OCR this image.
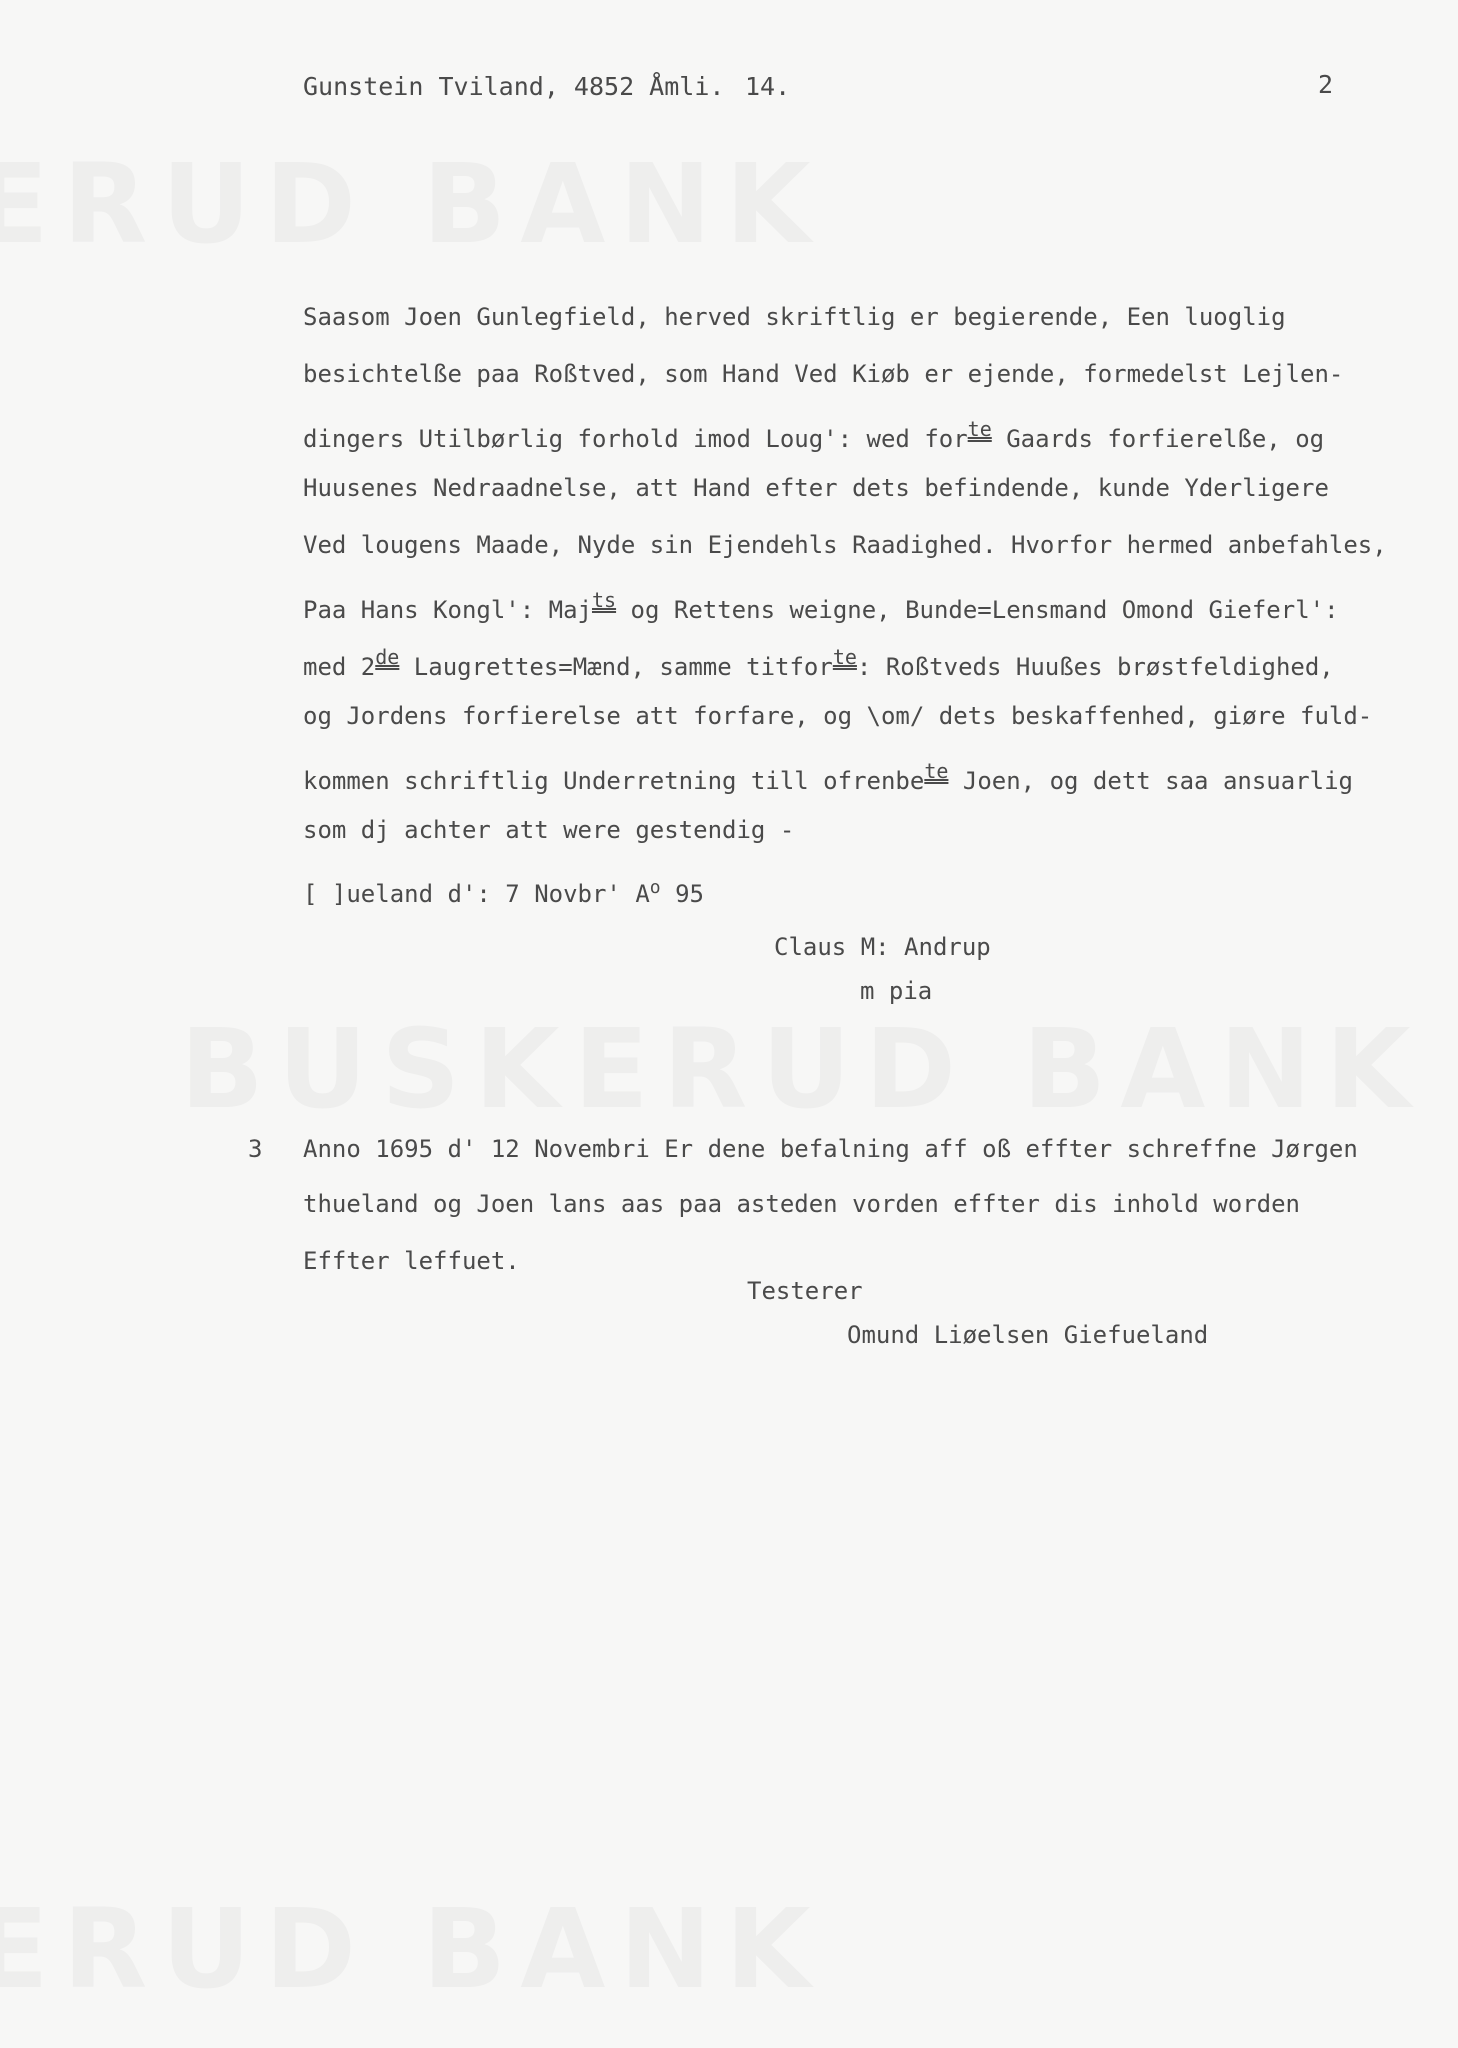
Gunstein Tviland, 4852 Åmli. 14.	2
Saasom Joen Gunlegfield, herved skriftlig er begierende, Een luoglig
besichtelße paa Roßtved, som Hand Ved Kiøb er ejende, formedelst Lejlen-
dingers Utilbørlig forhold imod Loug': wed for$^{te}$ Gaards forfierelße, og
Huusenes Nedraadnelse, att Hand efter dets befindende, kunde Yderligere
Ved lougens Maade, Nyde sin Ejendehls Raadighed. Hvorfor hermed anbefahles,
Paa Hans Kongl': Maj$^{ts}$ og Rettens weigne, Bunde=Lensmand Omond Gieferl':
med 2de Laugrettes=Mænd, samme titfor$^{te}$: Roßtveds Huußes brøstfeldighed,
og Jordens forfierelse att forfare, og \om/ dets beskaffenhed, giøre fuld-
kommen schriftlig Underretning till ofrenbe$^{te}$ Joen, og dett saa ansuarlig
som dj achter att were gestendig -
[ ]ueland d': 7 Novbr' $A^o$ 95
Claus M: Andrup
m pia
3 Anno 1695 d' 12 Novembri Er dene befalning aff oß effter schreffne Jørgen
thueland og Joen lans aas paa asteden vorden effter dis inhold worden
Effter leffuet.
Testerer
Omund Liøelsen Giefueland
